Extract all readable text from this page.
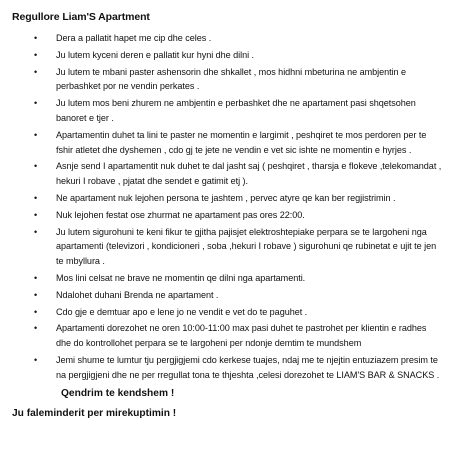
Regullore Liam'S Apartment
• Dera a pallatit hapet me cip dhe celes .
• Ju lutem kyceni deren e pallatit kur hyni dhe dilni .
• Ju lutem te mbani paster ashensorin dhe shkallet , mos hidhni mbeturina ne ambjentin e perbashket por ne vendin perkates .
• Ju lutem mos beni zhurem ne ambjentin e perbashket dhe ne apartament pasi shqetsohen banoret e tjer .
• Apartamentin duhet ta lini te paster ne momentin e largimit , peshqiret te mos perdoren per te fshir atletet dhe dyshemen , cdo gj te jete ne vendin e vet sic ishte ne momentin e hyrjes .
• Asnje send I apartamentit nuk duhet te dal jasht saj ( peshqiret , tharsja e flokeve ,telekomandat , hekuri I robave , pjatat dhe sendet e gatimit etj ).
• Ne apartament nuk lejohen persona te jashtem , pervec atyre qe kan ber regjistrimin .
• Nuk lejohen festat ose zhurmat ne apartament pas ores 22:00.
• Ju lutem sigurohuni te keni fikur te gjitha pajisjet elektroshtepiake perpara se te largoheni nga apartamenti (televizori , kondicioneri , soba ,hekuri I robave ) sigurohuni qe rubinetat e ujit te jen te mbyllura .
• Mos lini celsat ne brave ne momentin qe dilni nga apartamenti.
• Ndalohet duhani Brenda ne apartament .
• Cdo gje e demtuar apo e lene jo ne vendit e vet do te paguhet .
• Apartamenti dorezohet ne oren 10:00-11:00 max pasi duhet te pastrohet per klientin e radhes dhe do kontrollohet perpara se te largoheni per ndonje demtim te mundshem
• Jemi shume te lumtur tju pergjigjemi cdo kerkese tuajes, ndaj me te njejtin entuziazem presim te na pergjigjeni dhe ne per rregullat tona te thjeshta ,celesi dorezohet te LIAM'S BAR & SNACKS .
Qendrim te kendshem !
Ju faleminderit per mirekuptimin !
